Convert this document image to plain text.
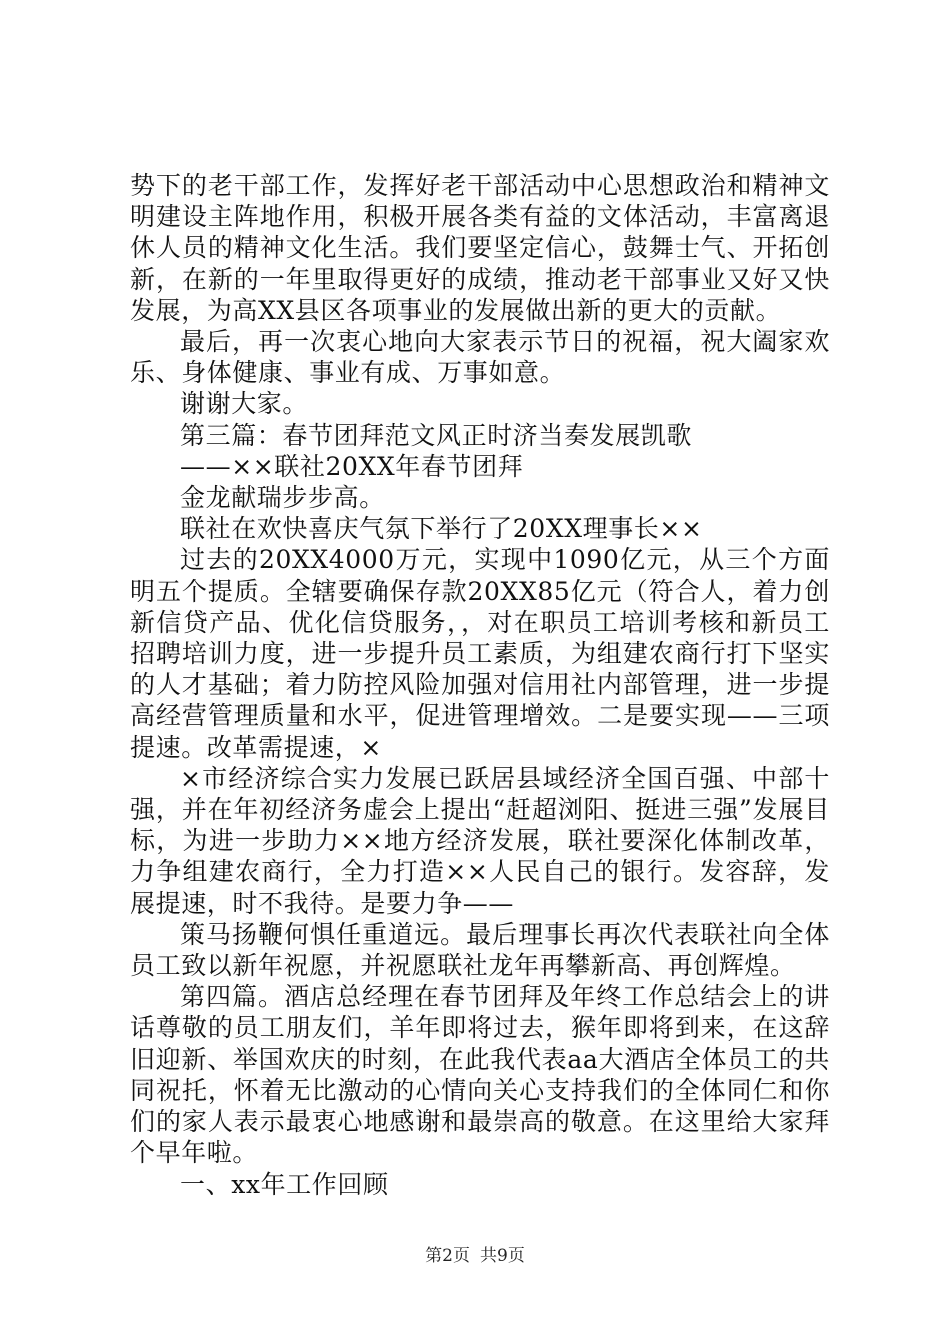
势下的老干部工作，发挥好老干部活动中心思想政治和精神文明建设主阵地作用，积极开展各类有益的文体活动，丰富离退休人员的精神文化生活。我们要坚定信心，鼓舞士气、开拓创新，在新的一年里取得更好的成绩，推动老干部事业又好又快发展，为高XX县区各项事业的发展做出新的更大的贡献。

最后，再一次衷心地向大家表示节日的祝福，祝大阖家欢乐、身体健康、事业有成、万事如意。

谢谢大家。

第三篇：春节团拜范文风正时济当奏发展凯歌

——××联社20XX年春节团拜

金龙献瑞步步高。

联社在欢快喜庆气氛下举行了20XX理事长××

过去的20XX4000万元，实现中1090亿元，从三个方面明五个提质。全辖要确保存款20XX85亿元（符合人，着力创新信贷产品、优化信贷服务，，对在职员工培训考核和新员工招聘培训力度，进一步提升员工素质，为组建农商行打下坚实的人才基础；着力防控风险加强对信用社内部管理，进一步提高经营管理质量和水平，促进管理增效。二是要实现——三项提速。改革需提速，×

×市经济综合实力发展已跃居县域经济全国百强、中部十强，并在年初经济务虚会上提出“赶超浏阳、挺进三强”发展目标，为进一步助力××地方经济发展，联社要深化体制改革，力争组建农商行，全力打造××人民自己的银行。发容辞，发展提速，时不我待。是要力争——

策马扬鞭何惧任重道远。最后理事长再次代表联社向全体员工致以新年祝愿，并祝愿联社龙年再攀新高、再创辉煌。

第四篇。酒店总经理在春节团拜及年终工作总结会上的讲话尊敬的员工朋友们，羊年即将过去，猴年即将到来，在这辞旧迎新、举国欢庆的时刻，在此我代表aa大酒店全体员工的共同祝托，怀着无比激动的心情向关心支持我们的全体同仁和你们的家人表示最衷心地感谢和最崇高的敬意。在这里给大家拜个早年啦。

一、xx年工作回顾

第2页 共9页
